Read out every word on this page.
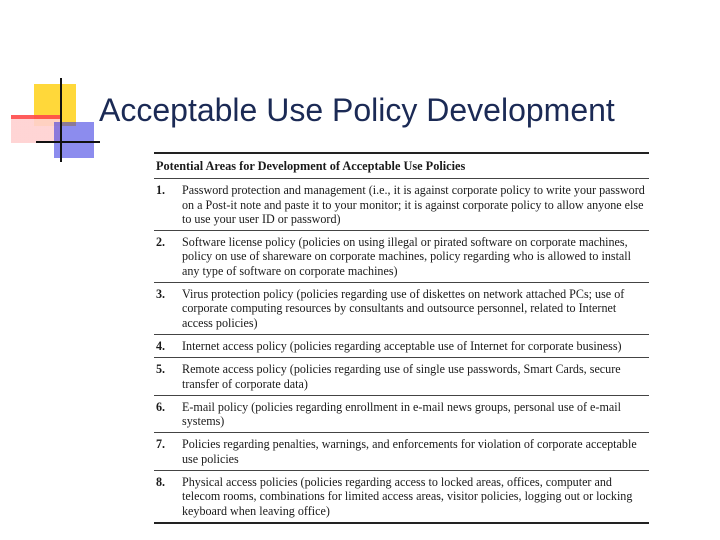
Acceptable Use Policy Development
Potential Areas for Development of Acceptable Use Policies
1.	Password protection and management (i.e., it is against corporate policy to write your password on a Post-it note and paste it to your monitor; it is against corporate policy to allow anyone else to use your user ID or password)
2.	Software license policy (policies on using illegal or pirated software on corporate machines, policy on use of shareware on corporate machines, policy regarding who is allowed to install any type of software on corporate machines)
3.	Virus protection policy (policies regarding use of diskettes on network attached PCs; use of corporate computing resources by consultants and outsource personnel, related to Internet access policies)
4.	Internet access policy (policies regarding acceptable use of Internet for corporate business)
5.	Remote access policy (policies regarding use of single use passwords, Smart Cards, secure transfer of corporate data)
6.	E-mail policy (policies regarding enrollment in e-mail news groups, personal use of e-mail systems)
7.	Policies regarding penalties, warnings, and enforcements for violation of corporate acceptable use policies
8.	Physical access policies (policies regarding access to locked areas, offices, computer and telecom rooms, combinations for limited access areas, visitor policies, logging out or locking keyboard when leaving office)
